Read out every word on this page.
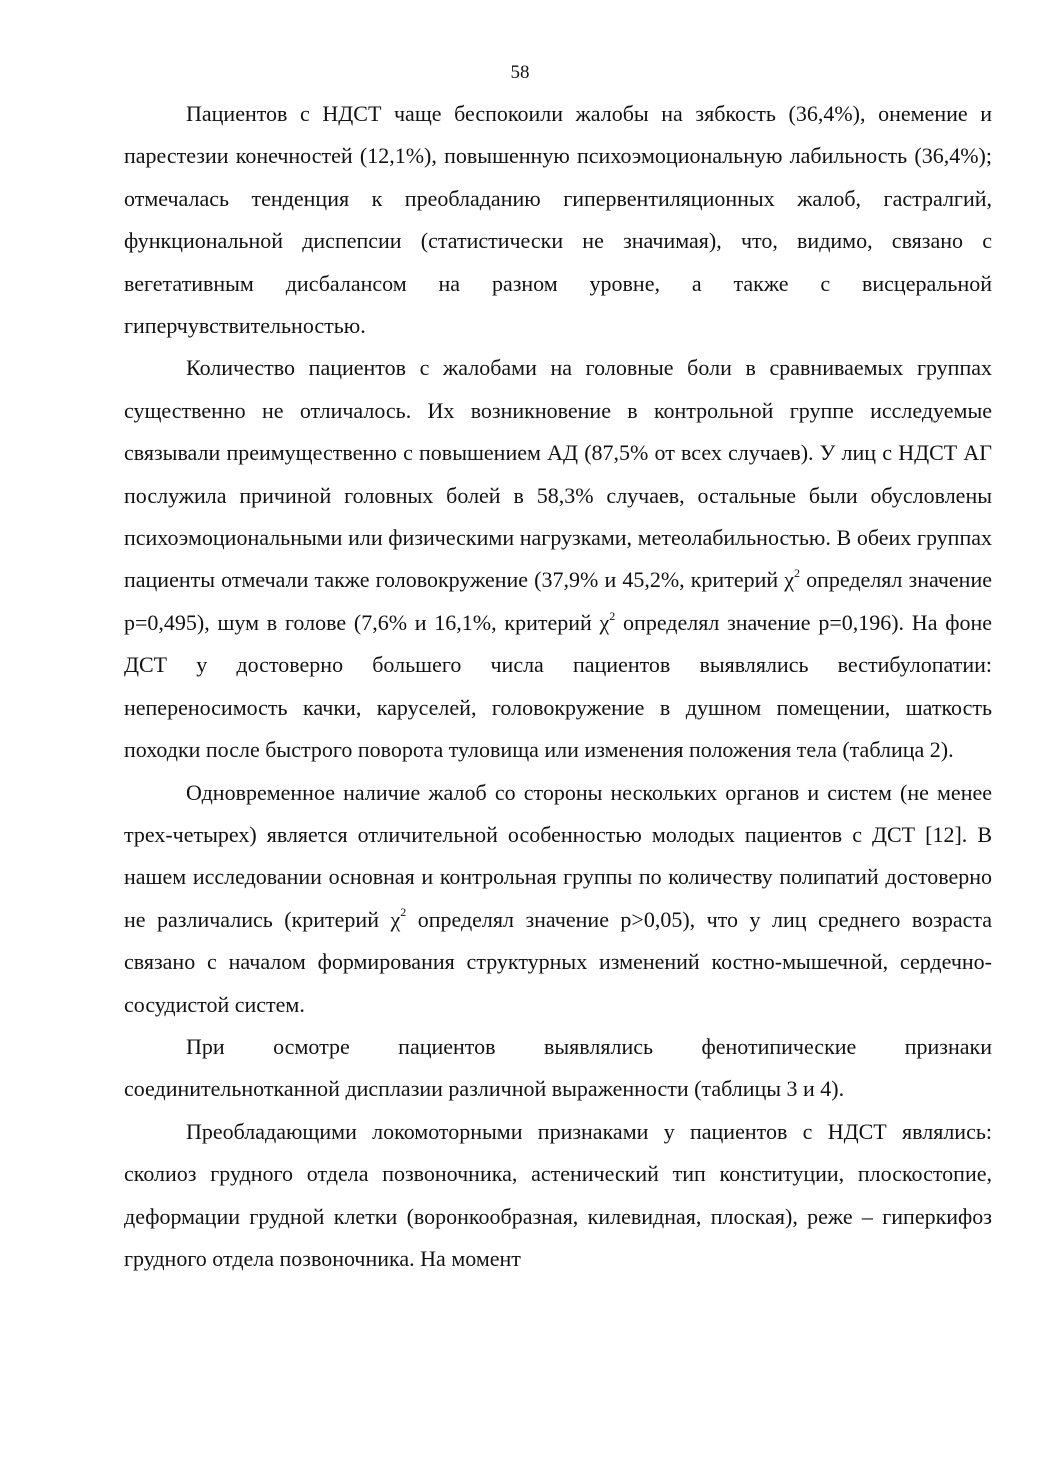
58

Пациентов с НДСТ чаще беспокоили жалобы на зябкость (36,4%), онемение и парестезии конечностей (12,1%), повышенную психоэмоциональную лабильность (36,4%); отмечалась тенденция к преобладанию гипервентиляционных жалоб, гастралгий, функциональной диспепсии (статистически не значимая), что, видимо, связано с вегетативным дисбалансом на разном уровне, а также с висцеральной гиперчувствительностью.

Количество пациентов с жалобами на головные боли в сравниваемых группах существенно не отличалось. Их возникновение в контрольной группе исследуемые связывали преимущественно с повышением АД (87,5% от всех случаев). У лиц с НДСТ АГ послужила причиной головных болей в 58,3% случаев, остальные были обусловлены психоэмоциональными или физическими нагрузками, метеолабильностью. В обеих группах пациенты отмечали также головокружение (37,9% и 45,2%, критерий $\chi^2$ определял значение p=0,495), шум в голове (7,6% и 16,1%, критерий $\chi^2$ определял значение p=0,196). На фоне ДСТ у достоверно большего числа пациентов выявлялись вестибулопатии: непереносимость качки, каруселей, головокружение в душном помещении, шаткость походки после быстрого поворота туловища или изменения положения тела (таблица 2).

Одновременное наличие жалоб со стороны нескольких органов и систем (не менее трех-четырех) является отличительной особенностью молодых пациентов с ДСТ [12]. В нашем исследовании основная и контрольная группы по количеству полипатий достоверно не различались (критерий $\chi^2$ определял значение p>0,05), что у лиц среднего возраста связано с началом формирования структурных изменений костно-мышечной, сердечно-сосудистой систем.

При осмотре пациентов выявлялись фенотипические признаки соединительнотканной дисплазии различной выраженности (таблицы 3 и 4).

Преобладающими локомоторными признаками у пациентов с НДСТ являлись: сколиоз грудного отдела позвоночника, астенический тип конституции, плоскостопие, деформации грудной клетки (воронкообразная, килевидная, плоская), реже – гиперкифоз грудного отдела позвоночника. На момент
